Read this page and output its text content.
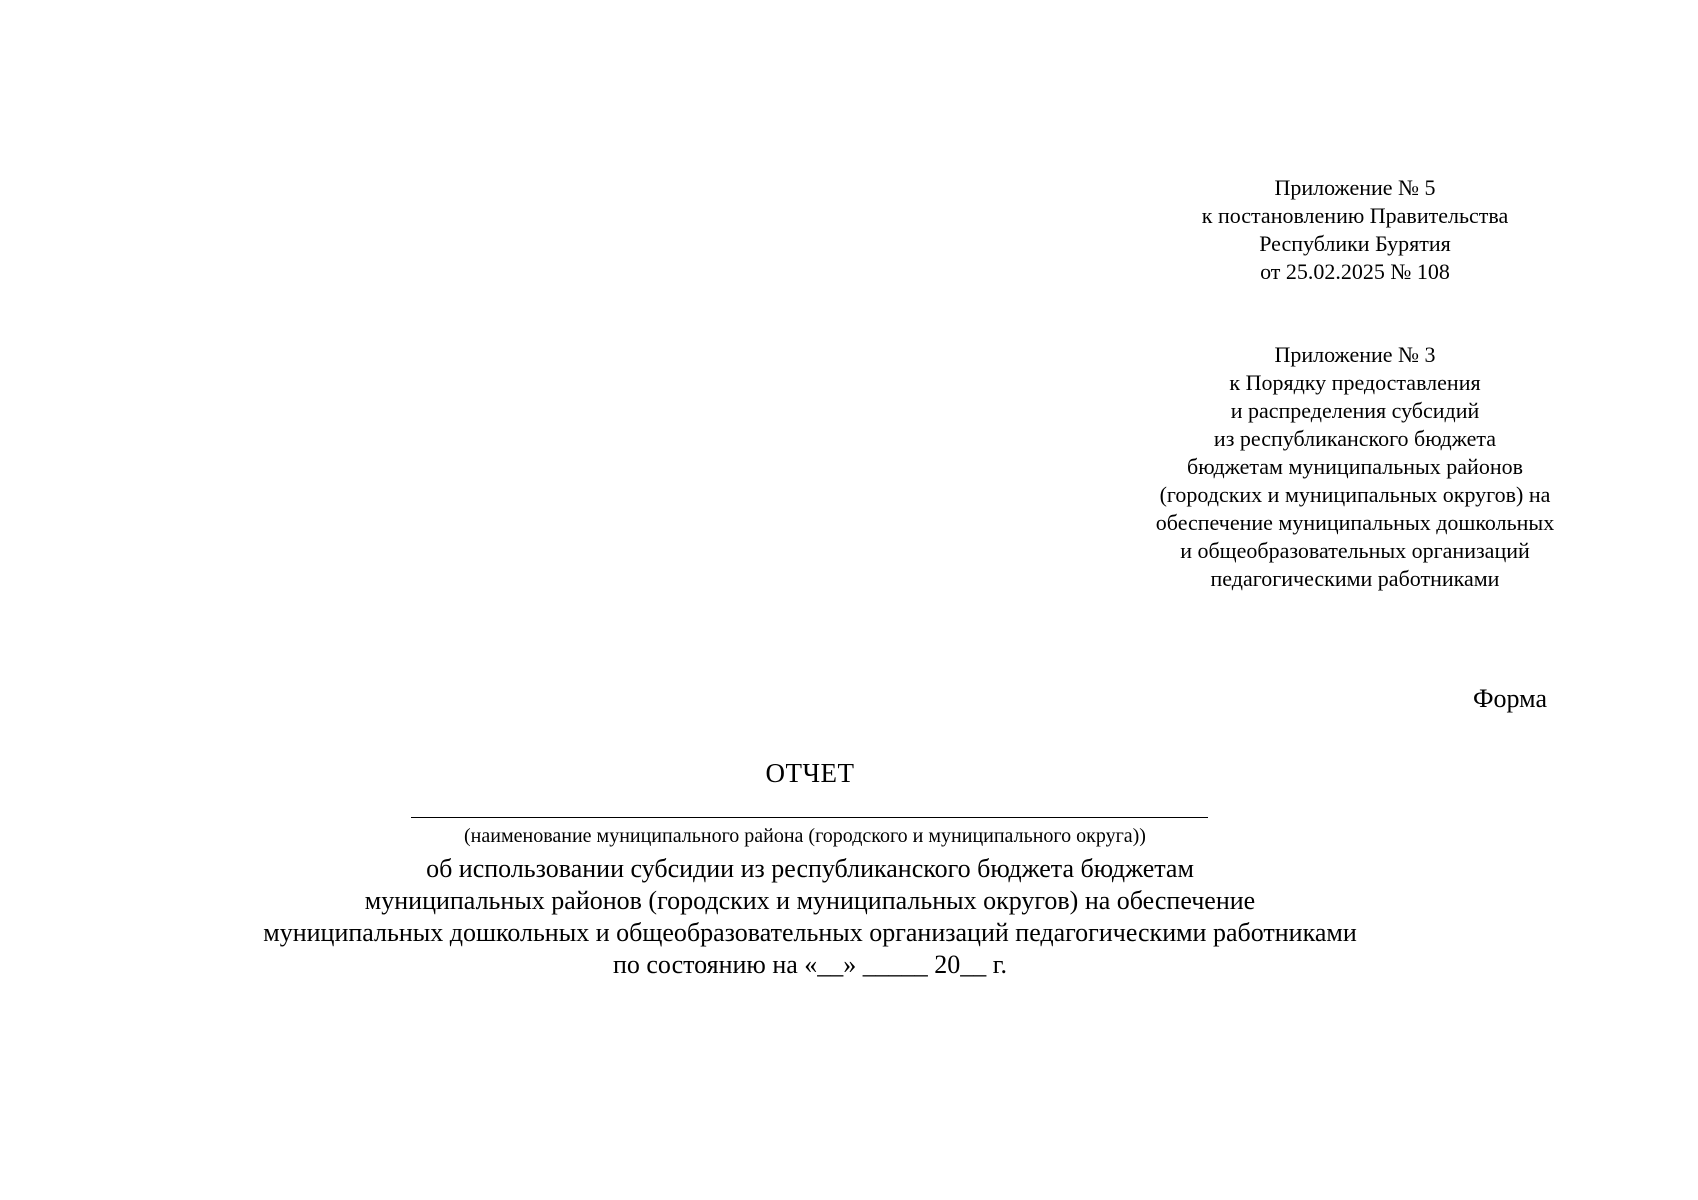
Приложение № 5
к постановлению Правительства
Республики Бурятия
от 25.02.2025 № 108
Приложение № 3
к Порядку предоставления
и распределения субсидий
из республиканского бюджета
бюджетам муниципальных районов
(городских и муниципальных округов) на
обеспечение муниципальных дошкольных
и общеобразовательных организаций
педагогическими работниками
Форма
ОТЧЕТ
(наименование муниципального района (городского и муниципального округа))
об использовании субсидии из республиканского бюджета бюджетам
муниципальных районов (городских и муниципальных округов) на обеспечение
муниципальных дошкольных и общеобразовательных организаций педагогическими работниками
по состоянию на «__» _____ 20__ г.
